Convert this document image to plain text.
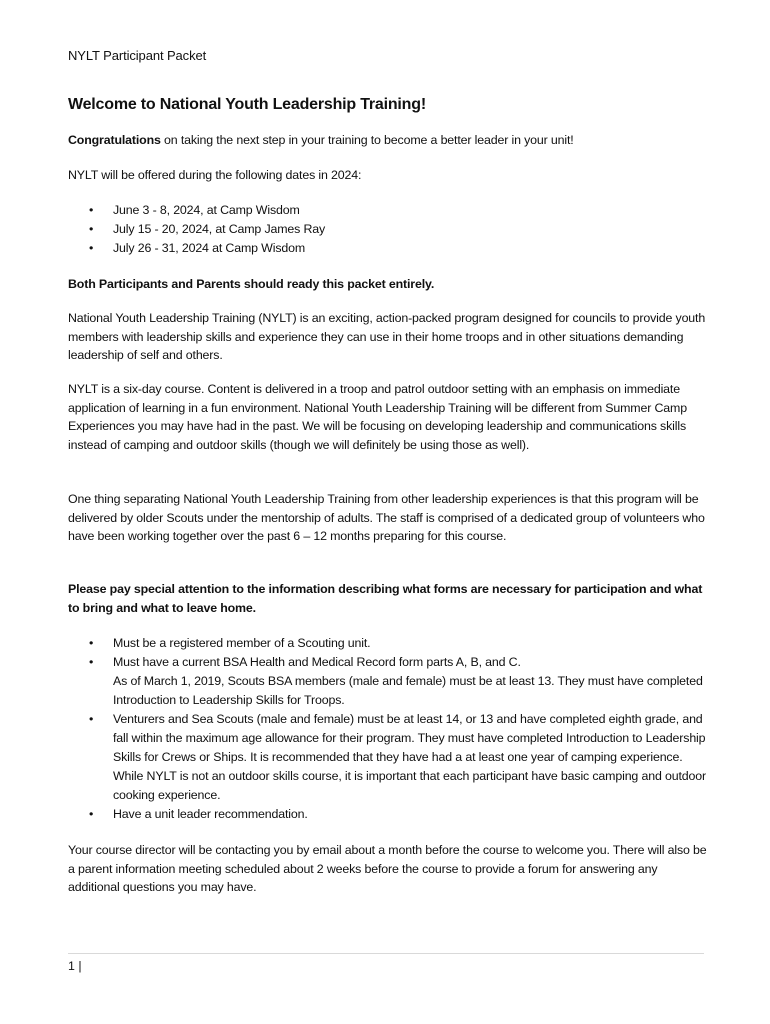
NYLT Participant Packet
Welcome to National Youth Leadership Training!

Congratulations on taking the next step in your training to become a better leader in your unit!

NYLT will be offered during the following dates in 2024:

• June 3 - 8, 2024, at Camp Wisdom
• July 15 - 20, 2024, at Camp James Ray
• July 26 - 31, 2024 at Camp Wisdom

Both Participants and Parents should ready this packet entirely.

National Youth Leadership Training (NYLT) is an exciting, action-packed program designed for councils to provide youth members with leadership skills and experience they can use in their home troops and in other situations demanding leadership of self and others.

NYLT is a six-day course. Content is delivered in a troop and patrol outdoor setting with an emphasis on immediate application of learning in a fun environment. National Youth Leadership Training will be different from Summer Camp Experiences you may have had in the past. We will be focusing on developing leadership and communications skills instead of camping and outdoor skills (though we will definitely be using those as well).

One thing separating National Youth Leadership Training from other leadership experiences is that this program will be delivered by older Scouts under the mentorship of adults. The staff is comprised of a dedicated group of volunteers who have been working together over the past 6 – 12 months preparing for this course.

Please pay special attention to the information describing what forms are necessary for participation and what to bring and what to leave home.

• Must be a registered member of a Scouting unit.
• Must have a current BSA Health and Medical Record form parts A, B, and C.
As of March 1, 2019, Scouts BSA members (male and female) must be at least 13. They must have completed Introduction to Leadership Skills for Troops.
• Venturers and Sea Scouts (male and female) must be at least 14, or 13 and have completed eighth grade, and fall within the maximum age allowance for their program. They must have completed Introduction to Leadership Skills for Crews or Ships. It is recommended that they have had a at least one year of camping experience. While NYLT is not an outdoor skills course, it is important that each participant have basic camping and outdoor cooking experience.
• Have a unit leader recommendation.

Your course director will be contacting you by email about a month before the course to welcome you. There will also be a parent information meeting scheduled about 2 weeks before the course to provide a forum for answering any additional questions you may have.

1 |
